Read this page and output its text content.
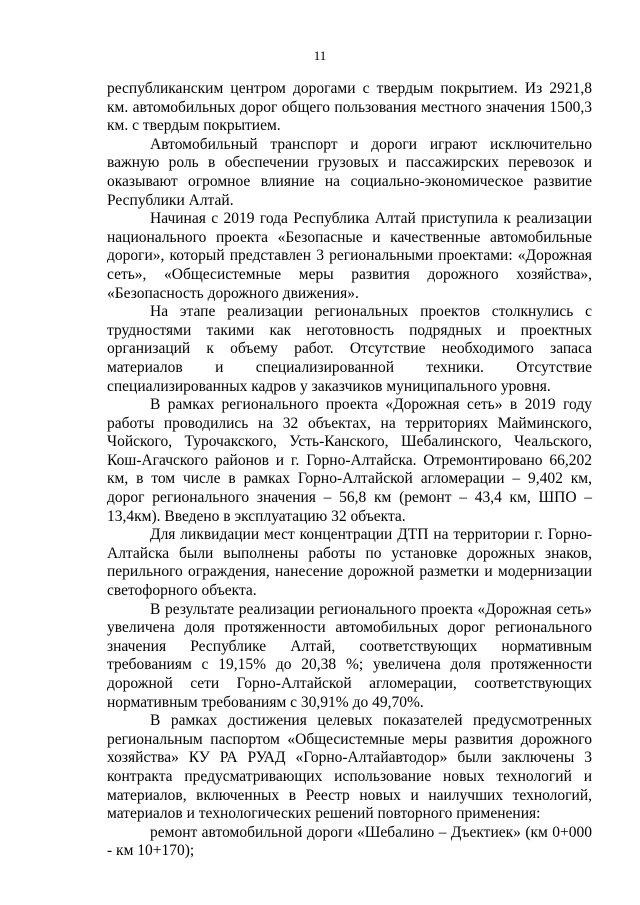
11

республиканским центром дорогами с твердым покрытием. Из 2921,8 км. автомобильных дорог общего пользования местного значения 1500,3 км. с твердым покрытием.

Автомобильный транспорт и дороги играют исключительно важную роль в обеспечении грузовых и пассажирских перевозок и оказывают огромное влияние на социально-экономическое развитие Республики Алтай.

Начиная с 2019 года Республика Алтай приступила к реализации национального проекта «Безопасные и качественные автомобильные дороги», который представлен 3 региональными проектами: «Дорожная сеть», «Общесистемные меры развития дорожного хозяйства», «Безопасность дорожного движения».

На этапе реализации региональных проектов столкнулись с трудностями такими как неготовность подрядных и проектных организаций к объему работ. Отсутствие необходимого запаса материалов и специализированной техники. Отсутствие специализированных кадров у заказчиков муниципального уровня.

В рамках регионального проекта «Дорожная сеть» в 2019 году работы проводились на 32 объектах, на территориях Майминского, Чойского, Турочакского, Усть-Канского, Шебалинского, Чеальского, Кош-Агачского районов и г. Горно-Алтайска. Отремонтировано 66,202 км, в том числе в рамках Горно-Алтайской агломерации – 9,402 км, дорог регионального значения – 56,8 км (ремонт – 43,4 км, ШПО – 13,4км). Введено в эксплуатацию 32 объекта.

Для ликвидации мест концентрации ДТП на территории г. Горно-Алтайска были выполнены работы по установке дорожных знаков, перильного ограждения, нанесение дорожной разметки и модернизации светофорного объекта.

В результате реализации регионального проекта «Дорожная сеть» увеличена доля протяженности автомобильных дорог регионального значения Республике Алтай, соответствующих нормативным требованиям с 19,15% до 20,38 %; увеличена доля протяженности дорожной сети Горно-Алтайской агломерации, соответствующих нормативным требованиям с 30,91% до 49,70%.

В рамках достижения целевых показателей предусмотренных региональным паспортом «Общесистемные меры развития дорожного хозяйства» КУ РА РУАД «Горно-Алтайавтодор» были заключены 3 контракта предусматривающих использование новых технологий и материалов, включенных в Реестр новых и наилучших технологий, материалов и технологических решений повторного применения:

ремонт автомобильной дороги «Шебалино – Дъектиек» (км 0+000 - км 10+170);
